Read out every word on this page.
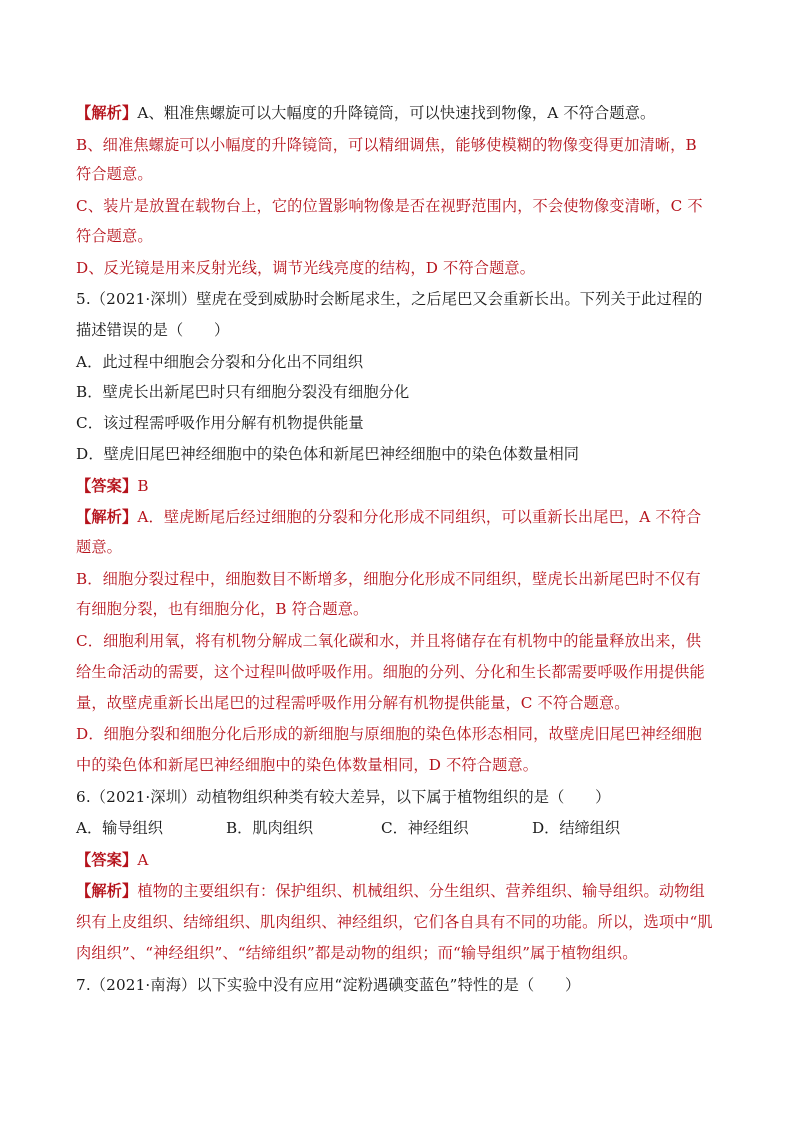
【解析】A、粗准焦螺旋可以大幅度的升降镜筒，可以快速找到物像，A 不符合题意。
B、细准焦螺旋可以小幅度的升降镜筒，可以精细调焦，能够使模糊的物像变得更加清晰，B
符合题意。
C、装片是放置在载物台上，它的位置影响物像是否在视野范围内，不会使物像变清晰，C 不
符合题意。
D、反光镜是用来反射光线，调节光线亮度的结构，D 不符合题意。
5.（2021·深圳）壁虎在受到威胁时会断尾求生，之后尾巴又会重新长出。下列关于此过程的
描述错误的是（　　）
A．此过程中细胞会分裂和分化出不同组织
B．壁虎长出新尾巴时只有细胞分裂没有细胞分化
C．该过程需呼吸作用分解有机物提供能量
D．壁虎旧尾巴神经细胞中的染色体和新尾巴神经细胞中的染色体数量相同
【答案】B
【解析】A．壁虎断尾后经过细胞的分裂和分化形成不同组织，可以重新长出尾巴，A 不符合
题意。
B．细胞分裂过程中，细胞数目不断增多，细胞分化形成不同组织，壁虎长出新尾巴时不仅有
有细胞分裂，也有细胞分化，B 符合题意。
C．细胞利用氧，将有机物分解成二氧化碳和水，并且将储存在有机物中的能量释放出来，供
给生命活动的需要，这个过程叫做呼吸作用。细胞的分列、分化和生长都需要呼吸作用提供能
量，故壁虎重新长出尾巴的过程需呼吸作用分解有机物提供能量，C 不符合题意。
D．细胞分裂和细胞分化后形成的新细胞与原细胞的染色体形态相同，故壁虎旧尾巴神经细胞
中的染色体和新尾巴神经细胞中的染色体数量相同，D 不符合题意。
6.（2021·深圳）动植物组织种类有较大差异，以下属于植物组织的是（　　）
A．输导组织	B．肌肉组织	C．神经组织	D．结缔组织
【答案】A
【解析】植物的主要组织有：保护组织、机械组织、分生组织、营养组织、输导组织。动物组
织有上皮组织、结缔组织、肌肉组织、神经组织，它们各自具有不同的功能。所以，选项中“肌
肉组织”、“神经组织”、“结缔组织”都是动物的组织；而“输导组织”属于植物组织。
7.（2021·南海）以下实验中没有应用“淀粉遇碘变蓝色”特性的是（　　）
